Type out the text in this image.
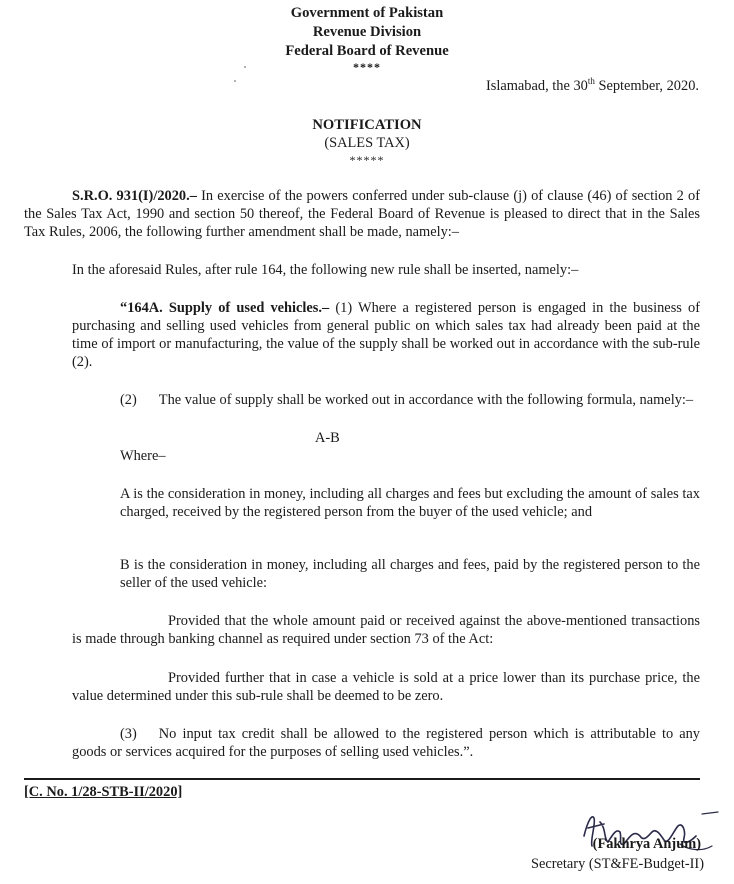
Government of Pakistan
Revenue Division
Federal Board of Revenue
****
Islamabad, the 30th September, 2020.
NOTIFICATION
(SALES TAX)
*****

S.R.O. 931(I)/2020.– In exercise of the powers conferred under sub-clause (j) of clause (46) of section 2 of the Sales Tax Act, 1990 and section 50 thereof, the Federal Board of Revenue is pleased to direct that in the Sales Tax Rules, 2006, the following further amendment shall be made, namely:–

In the aforesaid Rules, after rule 164, the following new rule shall be inserted, namely:–

“164A. Supply of used vehicles.– (1) Where a registered person is engaged in the business of purchasing and selling used vehicles from general public on which sales tax had already been paid at the time of import or manufacturing, the value of the supply shall be worked out in accordance with the sub-rule (2).

(2) The value of supply shall be worked out in accordance with the following formula, namely:–

A-B
Where–

A is the consideration in money, including all charges and fees but excluding the amount of sales tax charged, received by the registered person from the buyer of the used vehicle; and

B is the consideration in money, including all charges and fees, paid by the registered person to the seller of the used vehicle:

Provided that the whole amount paid or received against the above-mentioned transactions is made through banking channel as required under section 73 of the Act:

Provided further that in case a vehicle is sold at a price lower than its purchase price, the value determined under this sub-rule shall be deemed to be zero.

(3) No input tax credit shall be allowed to the registered person which is attributable to any goods or services acquired for the purposes of selling used vehicles.”.

[C. No. 1/28-STB-II/2020]
(Fakhrya Anjum)
Secretary (ST&FE-Budget-II)
